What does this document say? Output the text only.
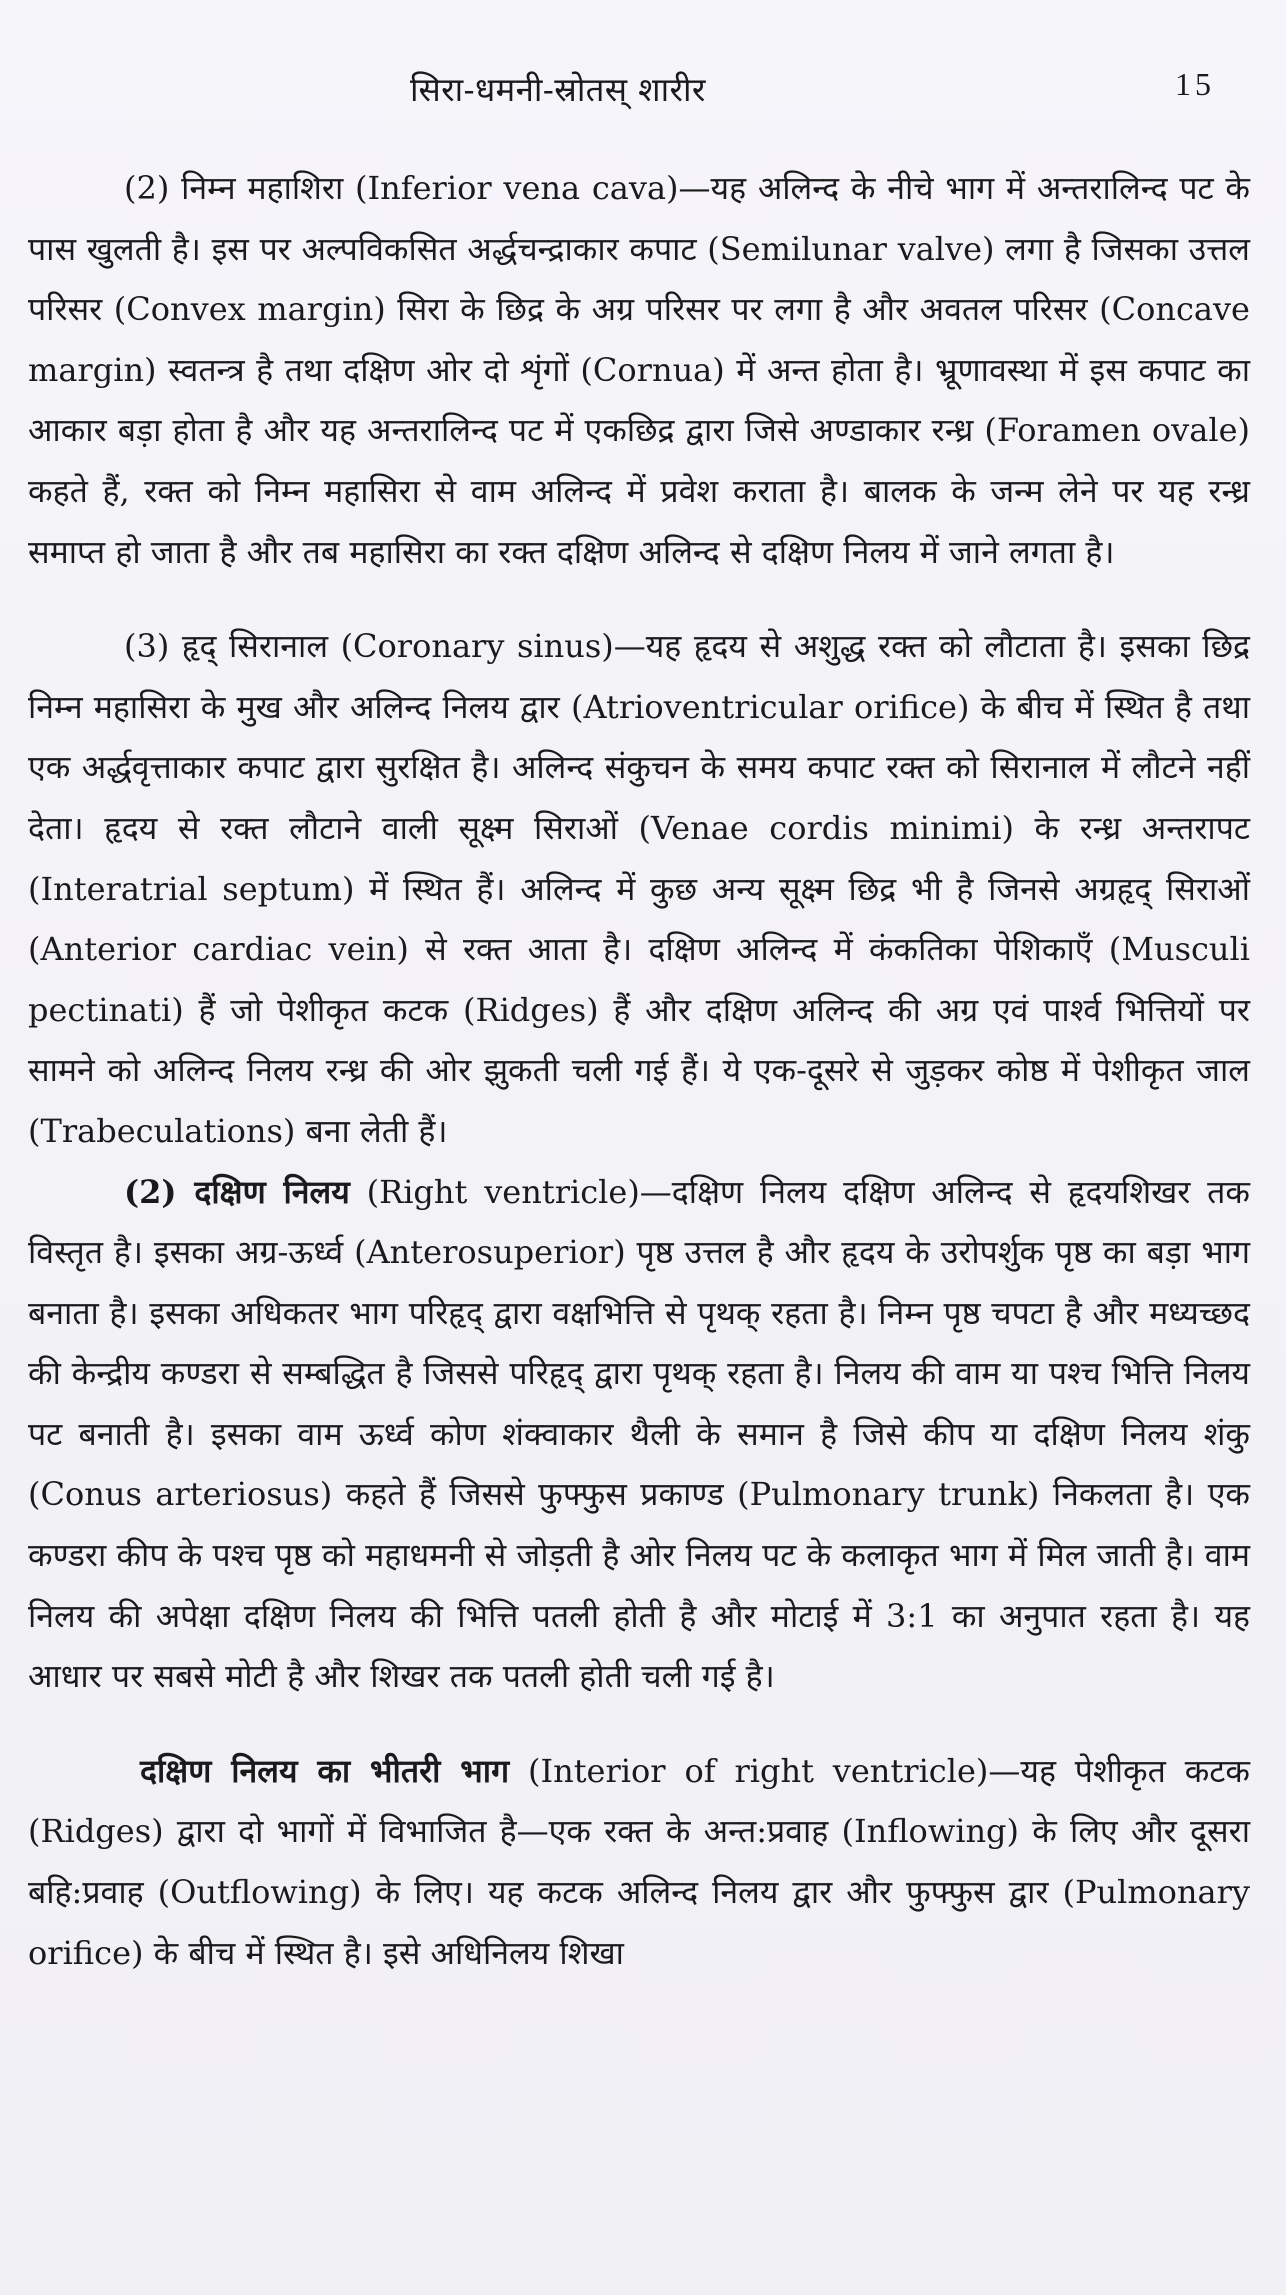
सिरा-धमनी-स्रोतस् शारीर	15

(2) निम्न महाशिरा (Inferior vena cava)—यह अलिन्द के नीचे भाग में अन्तरालिन्द पट के पास खुलती है। इस पर अल्पविकसित अर्द्धचन्द्राकार कपाट (Semilunar valve) लगा है जिसका उत्तल परिसर (Convex margin) सिरा के छिद्र के अग्र परिसर पर लगा है और अवतल परिसर (Concave margin) स्वतन्त्र है तथा दक्षिण ओर दो शृंगों (Cornua) में अन्त होता है। भ्रूणावस्था में इस कपाट का आकार बड़ा होता है और यह अन्तरालिन्द पट में एकछिद्र द्वारा जिसे अण्डाकार रन्ध्र (Foramen ovale) कहते हैं, रक्त को निम्न महासिरा से वाम अलिन्द में प्रवेश कराता है। बालक के जन्म लेने पर यह रन्ध्र समाप्त हो जाता है और तब महासिरा का रक्त दक्षिण अलिन्द से दक्षिण निलय में जाने लगता है।

(3) हृद् सिरानाल (Coronary sinus)—यह हृदय से अशुद्ध रक्त को लौटाता है। इसका छिद्र निम्न महासिरा के मुख और अलिन्द निलय द्वार (Atrioventricular orifice) के बीच में स्थित है तथा एक अर्द्धवृत्ताकार कपाट द्वारा सुरक्षित है। अलिन्द संकुचन के समय कपाट रक्त को सिरानाल में लौटने नहीं देता। हृदय से रक्त लौटाने वाली सूक्ष्म सिराओं (Venae cordis minimi) के रन्ध्र अन्तरापट (Interatrial septum) में स्थित हैं। अलिन्द में कुछ अन्य सूक्ष्म छिद्र भी है जिनसे अग्रहृद् सिराओं (Anterior cardiac vein) से रक्त आता है। दक्षिण अलिन्द में कंकतिका पेशिकाएँ (Musculi pectinati) हैं जो पेशीकृत कटक (Ridges) हैं और दक्षिण अलिन्द की अग्र एवं पार्श्व भित्तियों पर सामने को अलिन्द निलय रन्ध्र की ओर झुकती चली गई हैं। ये एक-दूसरे से जुड़कर कोष्ठ में पेशीकृत जाल (Trabeculations) बना लेती हैं।

(2) दक्षिण निलय (Right ventricle)—दक्षिण निलय दक्षिण अलिन्द से हृदयशिखर तक विस्तृत है। इसका अग्र-ऊर्ध्व (Anterosuperior) पृष्ठ उत्तल है और हृदय के उरोपर्शुक पृष्ठ का बड़ा भाग बनाता है। इसका अधिकतर भाग परिहृद् द्वारा वक्षभित्ति से पृथक् रहता है। निम्न पृष्ठ चपटा है और मध्यच्छद की केन्द्रीय कण्डरा से सम्बद्धित है जिससे परिहृद् द्वारा पृथक् रहता है। निलय की वाम या पश्च भित्ति निलय पट बनाती है। इसका वाम ऊर्ध्व कोण शंक्वाकार थैली के समान है जिसे कीप या दक्षिण निलय शंकु (Conus arteriosus) कहते हैं जिससे फुफ्फुस प्रकाण्ड (Pulmonary trunk) निकलता है। एक कण्डरा कीप के पश्च पृष्ठ को महाधमनी से जोड़ती है ओर निलय पट के कलाकृत भाग में मिल जाती है। वाम निलय की अपेक्षा दक्षिण निलय की भित्ति पतली होती है और मोटाई में 3:1 का अनुपात रहता है। यह आधार पर सबसे मोटी है और शिखर तक पतली होती चली गई है।

दक्षिण निलय का भीतरी भाग (Interior of right ventricle)—यह पेशीकृत कटक (Ridges) द्वारा दो भागों में विभाजित है—एक रक्त के अन्त:प्रवाह (Inflowing) के लिए और दूसरा बहि:प्रवाह (Outflowing) के लिए। यह कटक अलिन्द निलय द्वार और फुफ्फुस द्वार (Pulmonary orifice) के बीच में स्थित है। इसे अधिनिलय शिखा
